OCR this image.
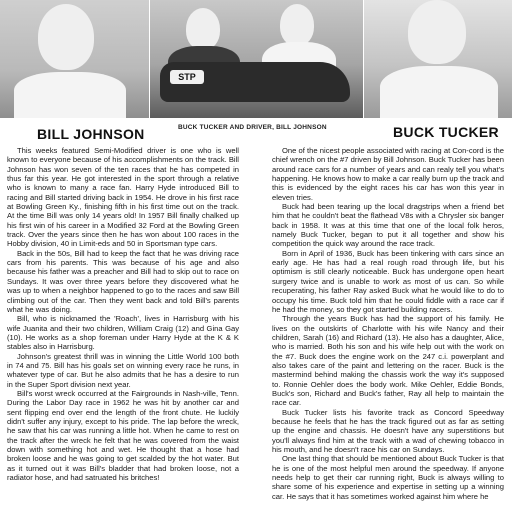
STP
BILL JOHNSON	BUCK TUCKER AND DRIVER, BILL JOHNSON	BUCK TUCKER

This weeks featured Semi-Modified driver is one who is well known to everyone because of his accomplishments on the track. Bill Johnson has won seven of the ten races that he has competed in thus far this year. He got interested in the sport through a relative who is known to many a race fan. Harry Hyde introduced Bill to racing and Bill started driving back in 1954. He drove in his first race at Bowling Green Ky., finishing fifth in his first time out on the track. At the time Bill was only 14 years old! In 1957 Bill finally chalked up his first win of his career in a Modified 32 Ford at the Bowling Green track. Over the years since then he has won about 100 races in the Hobby division, 40 in Limit-eds and 50 in Sportsman type cars.

Back in the 50s, Bill had to keep the fact that he was driving race cars from his parents. This was because of his age and also because his father was a preacher and Bill had to skip out to race on Sundays. It was over three years before they discovered what he was up to when a neighbor happened to go to the races and saw Bill climbing out of the car. Then they went back and told Bill's parents what he was doing.

Bill, who is nicknamed the 'Roach', lives in Harrisburg with his wife Juanita and their two children, William Craig (12) and Gina Gay (10). He works as a shop foreman under Harry Hyde at the K & K stables also in Harrisburg.

Johnson's greatest thrill was in winning the Little World 100 both in 74 and 75. Bill has his goals set on winning every race he runs, in whatever type of car. But he also admits that he has a desire to run in the Super Sport division next year.

Bill's worst wreck occurred at the Fairgrounds in Nash-ville, Tenn. During the Labor Day race in 1962 he was hit by another car and sent flipping end over end the length of the front chute. He luckily didn't suffer any injury, except to his pride. The lap before the wreck, he saw that his car was running a little hot. When he came to rest on the track after the wreck he felt that he was covered from the waist down with something hot and wet. He thought that a hose had broken loose and he was going to get scalded by the hot water. But as it turned out it was Bill's bladder that had broken loose, not a radiator hose, and had satruated his britches!

One of the nicest people associated with racing at Con-cord is the chief wrench on the #7 driven by Bill Johnson. Buck Tucker has been around race cars for a number of years and can realy tell you what's happening. He knows how to make a car really burn up the track and this is evidenced by the eight races his car has won this year in eleven tries.

Buck had been tearing up the local dragstrips when a friend bet him that he couldn't beat the flathead V8s with a Chrysler six banger back in 1958. It was at this time that one of the local folk heros, namely Buck Tucker, began to put it all together and show his competition the quick way around the race track.

Born in April of 1936, Buck has been tinkering with cars since an early age. He has had a real rough road through life, but his optimism is still clearly noticeable. Buck has undergone open heart surgery twice and is unable to work as most of us can. So while recuperating, his father Ray asked Buck what he would like to do to occupy his time. Buck told him that he could fiddle with a race car if he had the money, so they got started building racers.

Through the years Buck has had the support of his family. He lives on the outskirts of Charlotte with his wife Nancy and their children, Sarah (16) and Richard (13). He also has a daughter, Alice, who is married. Both his son and his wife help out with the work on the #7. Buck does the engine work on the 247 c.i. powerplant and also takes care of the paint and lettering on the racer. Buck is the mastermind behind making the chassis work the way it's supposed to. Ronnie Oehler does the body work. Mike Oehler, Eddie Bonds, Buck's son, Richard and Buck's father, Ray all help to maintain the race car.

Buck Tucker lists his favorite track as Concord Speedway because he feels that he has the track figured out as far as setting up the engine and chassis. He doesn't have any superstitions but you'll always find him at the track with a wad of chewing tobacco in his mouth, and he doesn't race his car on Sundays.

One last thing that should be mentioned about Buck Tucker is that he is one of the most helpful men around the speedway. If anyone needs help to get their car running right, Buck is always willing to share some of his experience and expertise in setting up a winning car. He says that it has sometimes worked against him where he
